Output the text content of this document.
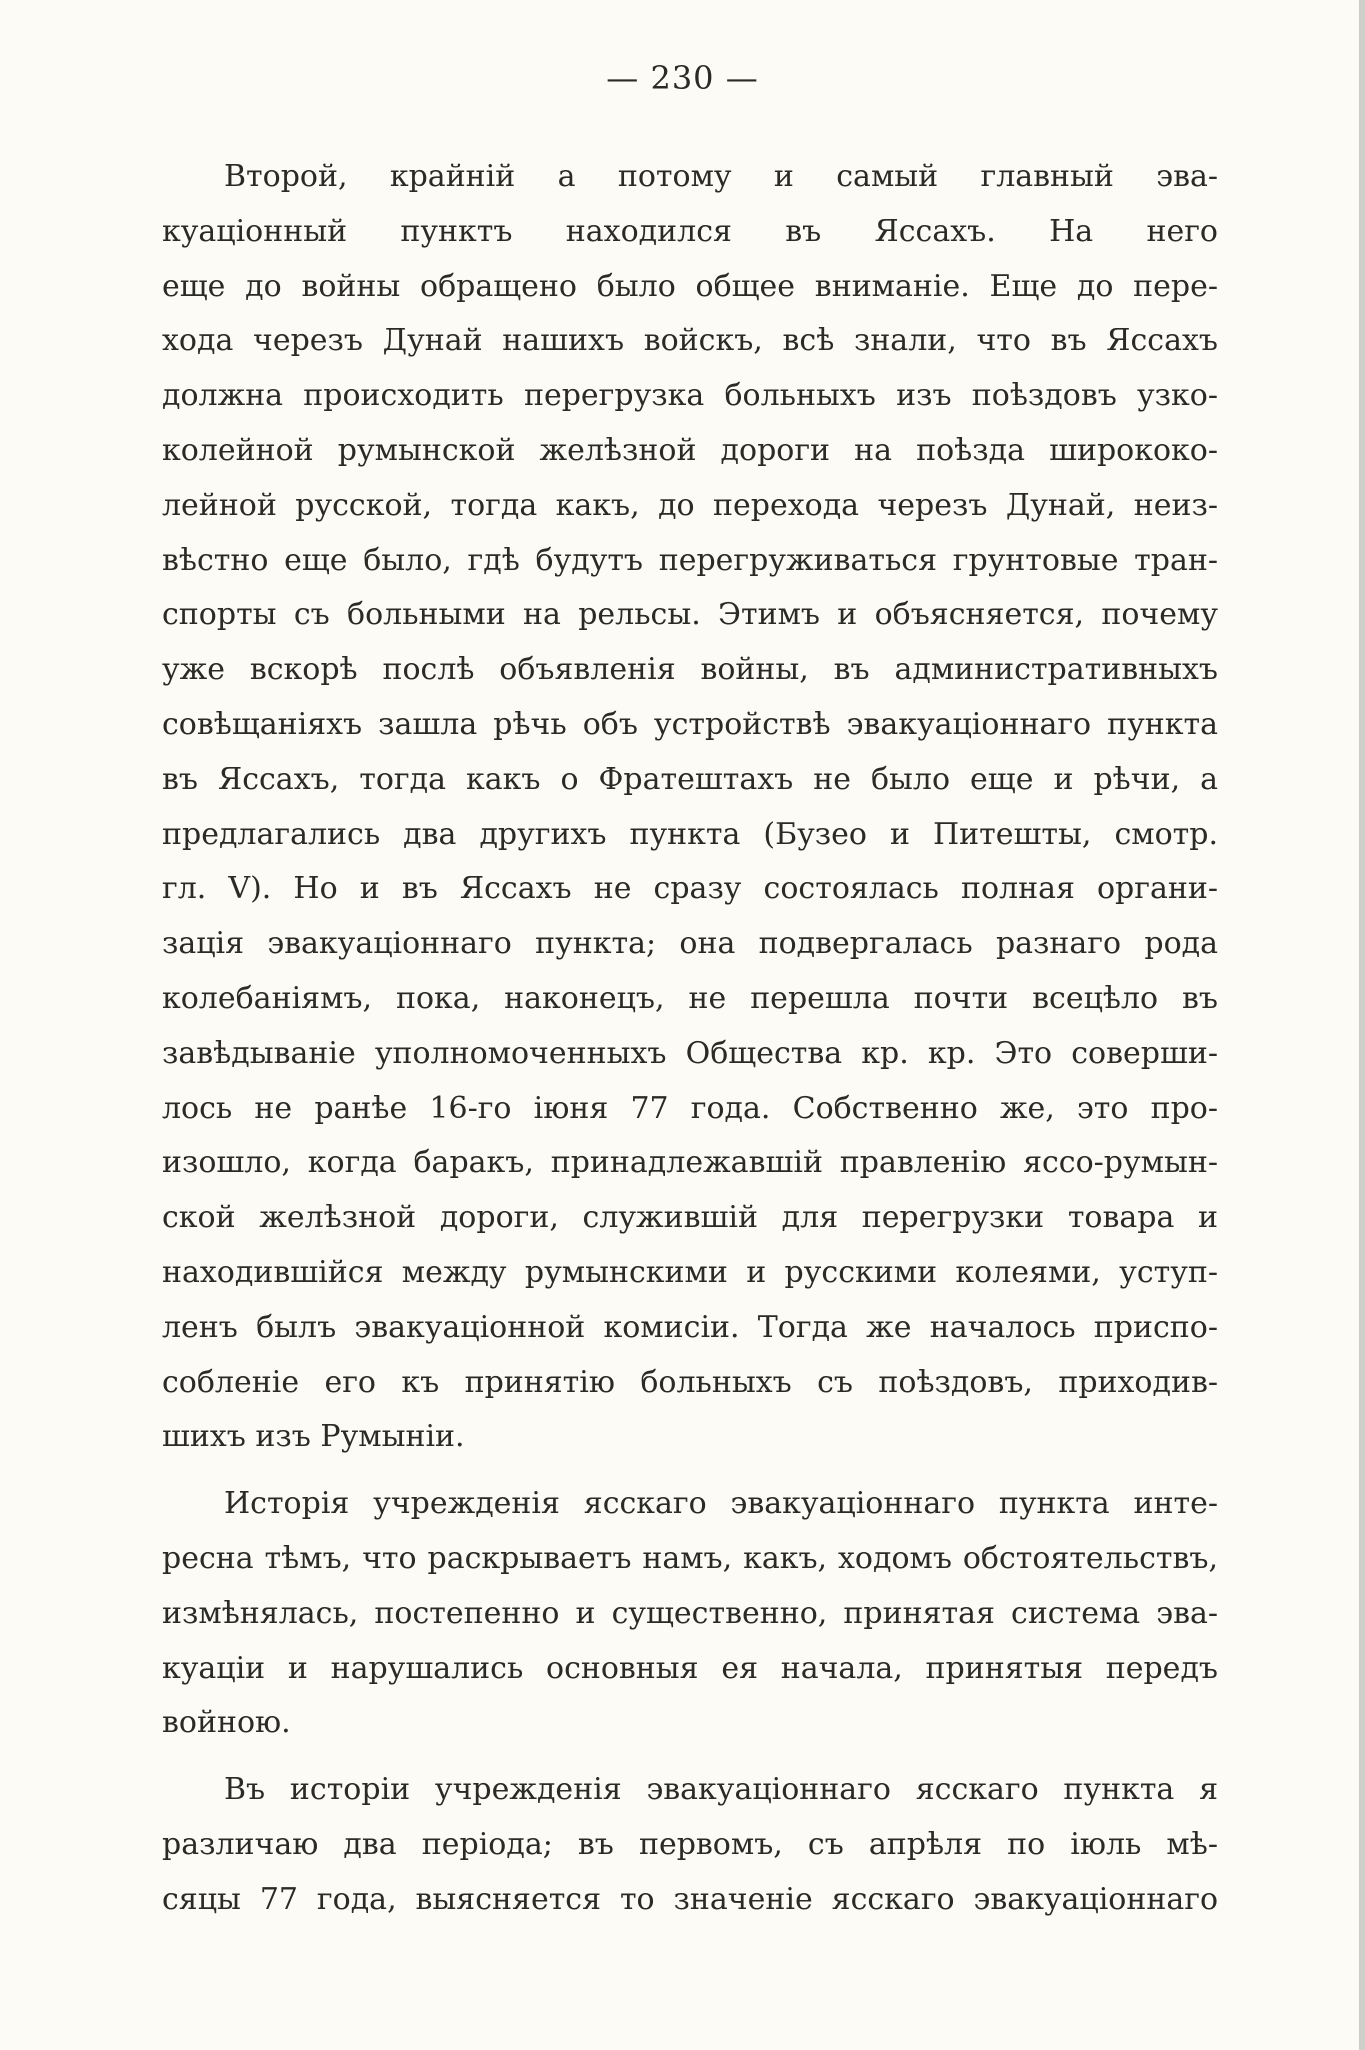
— 230 —
Второй, крайній а потому и самый главный эва-
куаціонный пунктъ находился въ Яссахъ. На него
еще до войны обращено было общее вниманіе. Еще до пере-
хода черезъ Дунай нашихъ войскъ, всѣ знали, что въ Яссахъ
должна происходить перегрузка больныхъ изъ поѣздовъ узко-
колейной румынской желѣзной дороги на поѣзда ширококо-
лейной русской, тогда какъ, до перехода черезъ Дунай, неиз-
вѣстно еще было, гдѣ будутъ перегруживаться грунтовые тран-
спорты съ больными на рельсы. Этимъ и объясняется, почему
уже вскорѣ послѣ объявленія войны, въ административныхъ
совѣщаніяхъ зашла рѣчь объ устройствѣ эвакуаціоннаго пункта
въ Яссахъ, тогда какъ о Фратештахъ не было еще и рѣчи, а
предлагались два другихъ пункта (Бузео и Питешты, смотр.
гл. V). Но и въ Яссахъ не сразу состоялась полная органи-
зація эвакуаціоннаго пункта; она подвергалась разнаго рода
колебаніямъ, пока, наконецъ, не перешла почти всецѣло въ
завѣдываніе уполномоченныхъ Общества кр. кр. Это соверши-
лось не ранѣе 16-го іюня 77 года. Собственно же, это про-
изошло, когда баракъ, принадлежавшій правленію яссо-румын-
ской желѣзной дороги, служившій для перегрузки товара и
находившійся между румынскими и русскими колеями, уступ-
ленъ былъ эвакуаціонной комисіи. Тогда же началось приспо-
собленіе его къ принятію больныхъ съ поѣздовъ, приходив-
шихъ изъ Румыніи.
Исторія учрежденія ясскаго эвакуаціоннаго пункта инте-
ресна тѣмъ, что раскрываетъ намъ, какъ, ходомъ обстоятельствъ,
измѣнялась, постепенно и существенно, принятая система эва-
куаціи и нарушались основныя ея начала, принятыя передъ
войною.
Въ исторіи учрежденія эвакуаціоннаго ясскаго пункта я
различаю два періода; въ первомъ, съ апрѣля по іюль мѣ-
сяцы 77 года, выясняется то значеніе ясскаго эвакуаціоннаго
